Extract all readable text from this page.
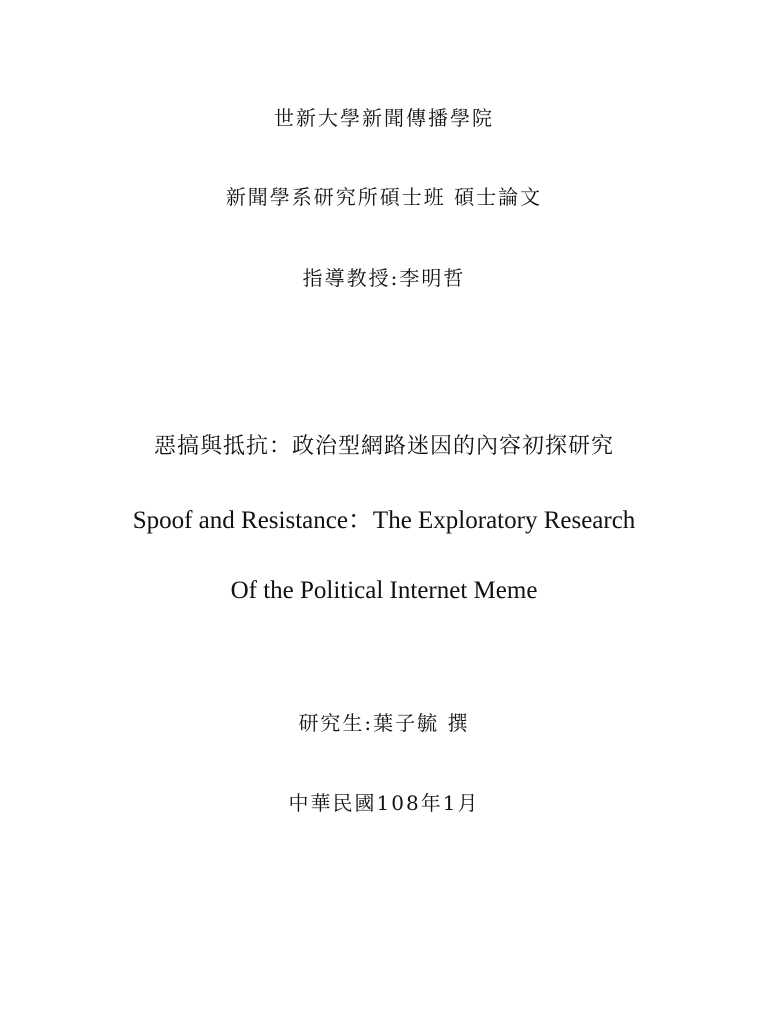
世新大學新聞傳播學院
新聞學系研究所碩士班 碩士論文
指導教授:李明哲
惡搞與抵抗：政治型網路迷因的內容初探研究
Spoof and Resistance：The Exploratory Research
Of the Political Internet Meme
研究生:葉子毓 撰
中華民國108年1月
